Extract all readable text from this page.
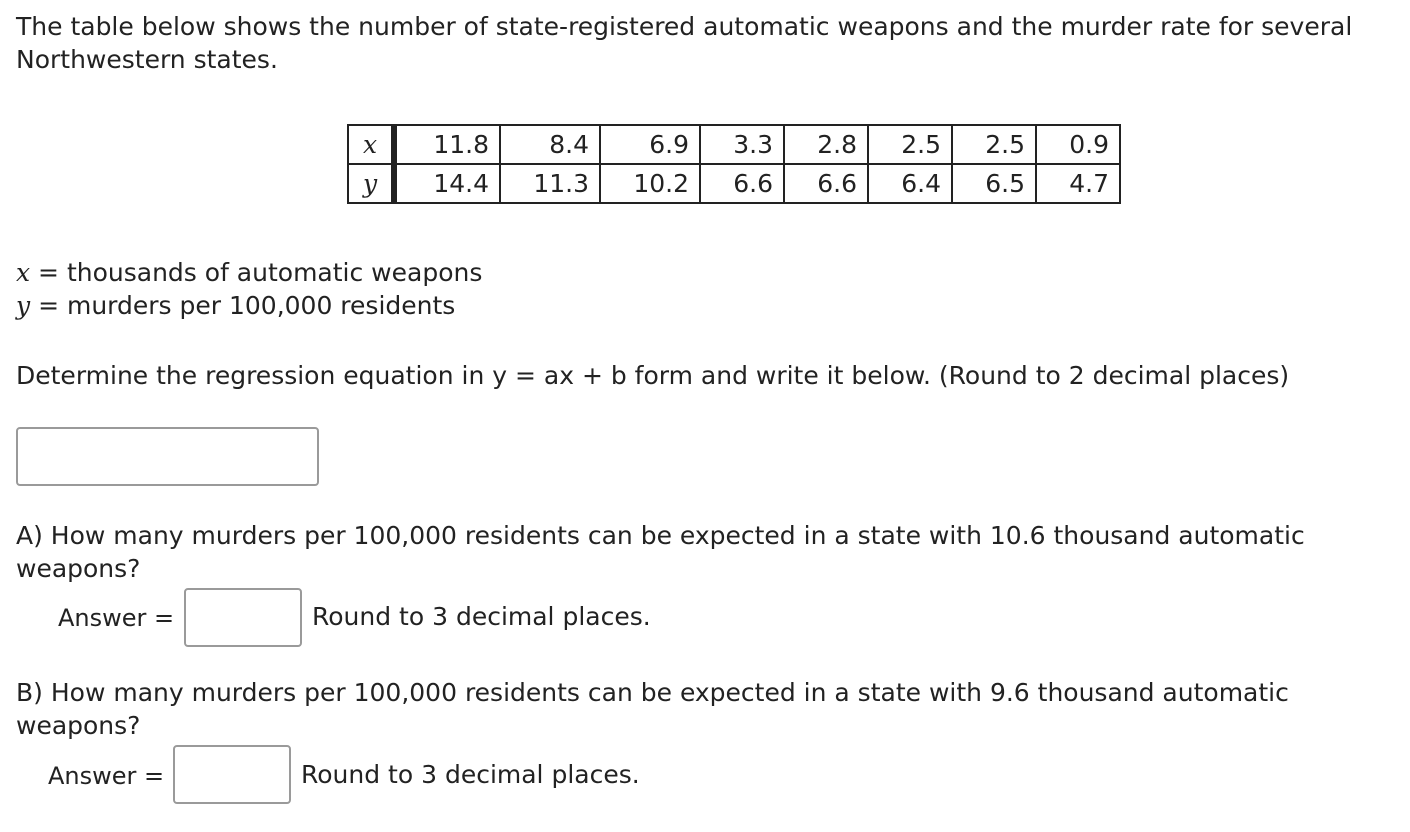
The table below shows the number of state-registered automatic weapons and the murder rate for several Northwestern states.

x	11.8	8.4	6.9	3.3	2.8	2.5	2.5	0.9
y	14.4	11.3	10.2	6.6	6.6	6.4	6.5	4.7
x = thousands of automatic weapons
y = murders per 100,000 residents
Determine the regression equation in y = ax + b form and write it below. (Round to 2 decimal places)
A) How many murders per 100,000 residents can be expected in a state with 10.6 thousand automatic weapons?
Answer =	Round to 3 decimal places.
B) How many murders per 100,000 residents can be expected in a state with 9.6 thousand automatic weapons?
Answer =	Round to 3 decimal places.
